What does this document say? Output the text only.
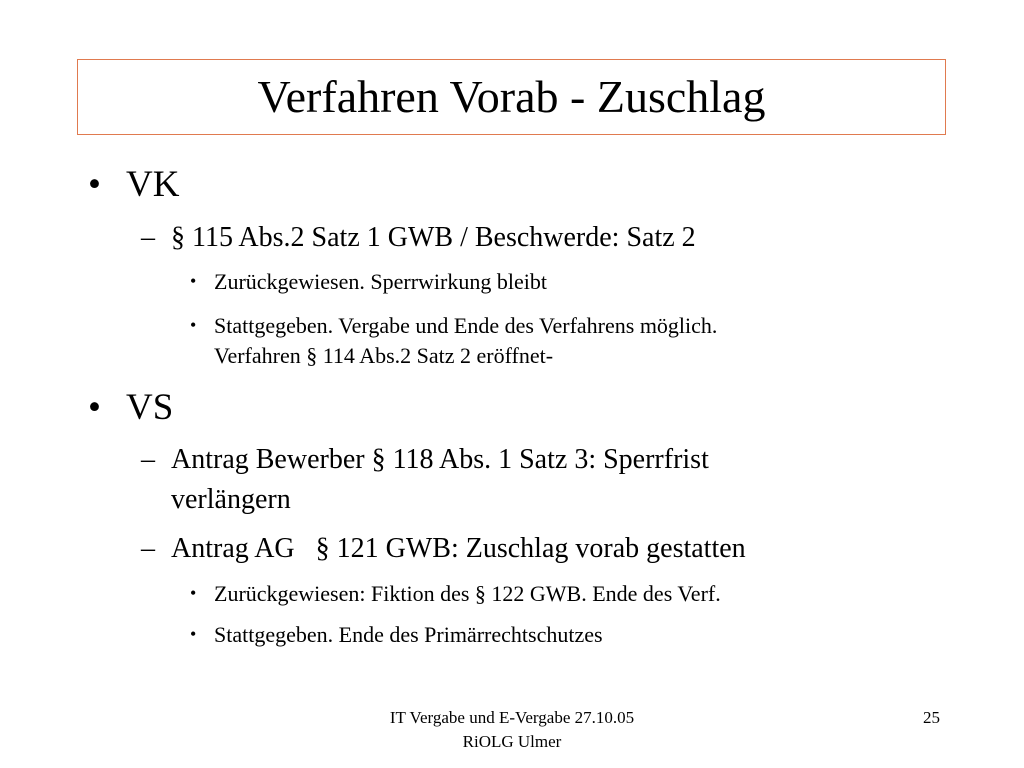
Verfahren Vorab - Zuschlag
• VK
– § 115 Abs.2 Satz 1 GWB / Beschwerde: Satz 2
• Zurückgewiesen. Sperrwirkung bleibt
• Stattgegeben. Vergabe und Ende des Verfahrens möglich.
Verfahren § 114 Abs.2 Satz 2 eröffnet-
• VS
– Antrag Bewerber § 118 Abs. 1 Satz 3: Sperrfrist
verlängern
– Antrag AG   § 121 GWB: Zuschlag vorab gestatten
• Zurückgewiesen: Fiktion des § 122 GWB. Ende des Verf.
• Stattgegeben. Ende des Primärrechtschutzes
IT Vergabe und E-Vergabe 27.10.05
RiOLG Ulmer
25
